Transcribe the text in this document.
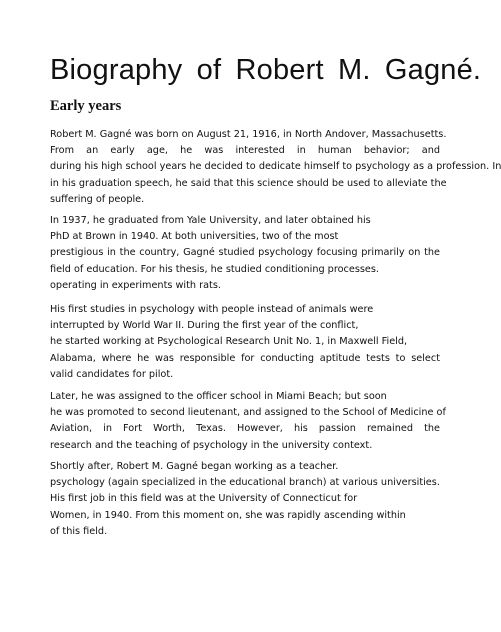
Biography of Robert M. Gagné.
Early years
Robert M. Gagné was born on August 21, 1916, in North Andover, Massachusetts.
From an early age, he was interested in human behavior; and
during his high school years he decided to dedicate himself to psychology as a profession. In
in his graduation speech, he said that this science should be used to alleviate the
suffering of people.
In 1937, he graduated from Yale University, and later obtained his
PhD at Brown in 1940. At both universities, two of the most
prestigious in the country, Gagné studied psychology focusing primarily on the
field of education. For his thesis, he studied conditioning processes.
operating in experiments with rats.
His first studies in psychology with people instead of animals were
interrupted by World War II. During the first year of the conflict,
he started working at Psychological Research Unit No. 1, in Maxwell Field,
Alabama, where he was responsible for conducting aptitude tests to select
valid candidates for pilot.
Later, he was assigned to the officer school in Miami Beach; but soon
he was promoted to second lieutenant, and assigned to the School of Medicine of
Aviation, in Fort Worth, Texas. However, his passion remained the
research and the teaching of psychology in the university context.
Shortly after, Robert M. Gagné began working as a teacher.
psychology (again specialized in the educational branch) at various universities.
His first job in this field was at the University of Connecticut for
Women, in 1940. From this moment on, she was rapidly ascending within
of this field.
